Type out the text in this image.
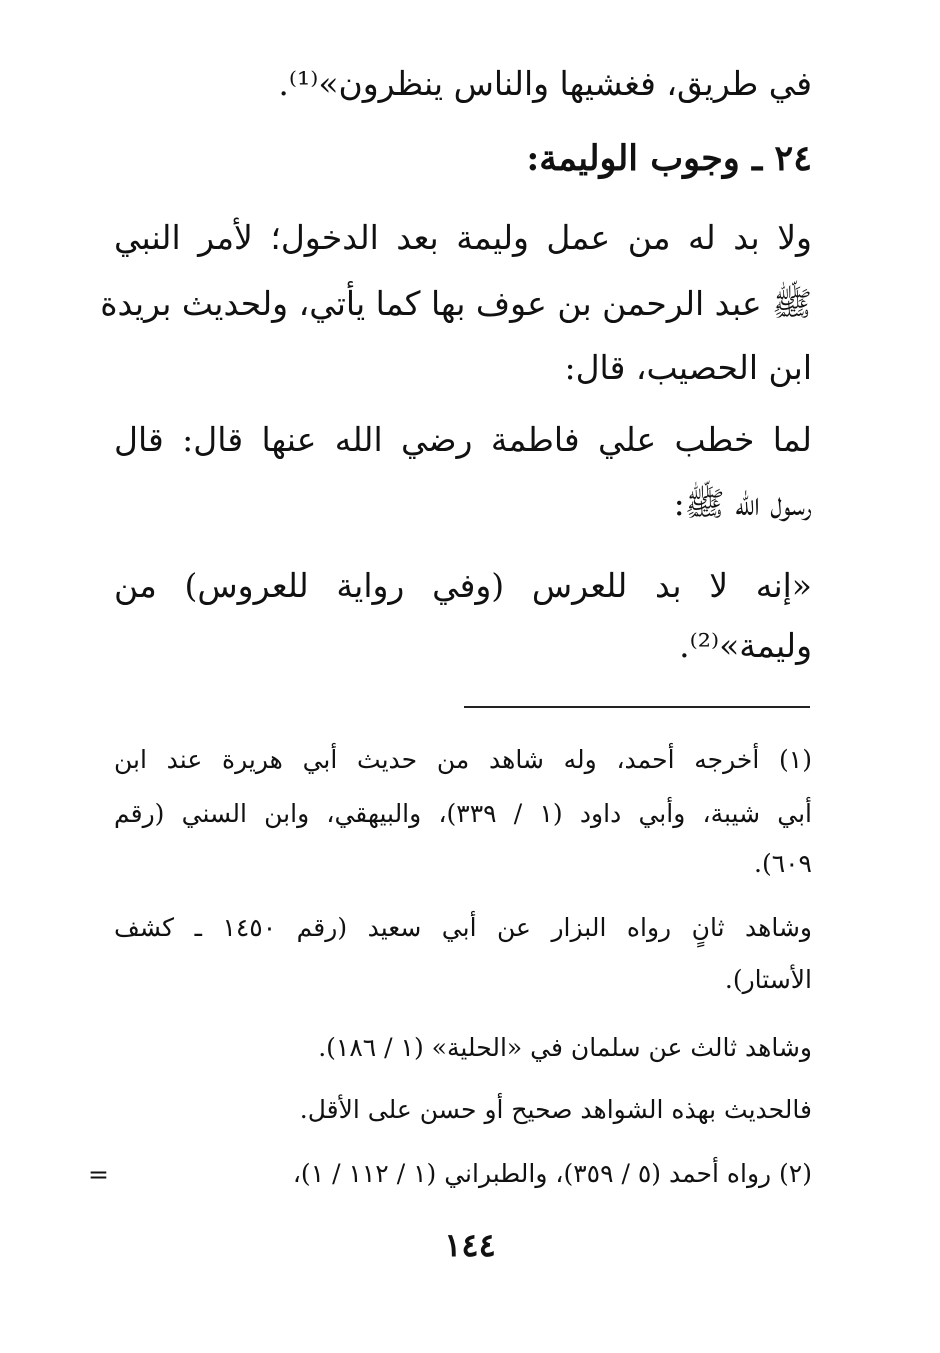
في طريق، فغشيها والناس ينظرون»⁽¹⁾.
٢٤ ـ وجوب الوليمة:
ولا بد له من عمل وليمة بعد الدخول؛ لأمر النبي
ﷺ عبد الرحمن بن عوف بها كما يأتي، ولحديث بريدة
ابن الحصيب، قال:
لما خطب علي فاطمة رضي الله عنها قال: قال
رسول الله ﷺ:
«إنه لا بد للعرس (وفي رواية للعروس) من
وليمة»⁽²⁾.
(١) أخرجه أحمد، وله شاهد من حديث أبي هريرة عند ابن
أبي شيبة، وأبي داود (١ / ٣٣٩)، والبيهقي، وابن السني (رقم
٦٠٩).
وشاهد ثانٍ رواه البزار عن أبي سعيد (رقم ١٤٥٠ ـ كشف
الأستار).
وشاهد ثالث عن سلمان في «الحلية» (١ / ١٨٦).
فالحديث بهذه الشواهد صحيح أو حسن على الأقل.
(٢) رواه أحمد (٥ / ٣٥٩)، والطبراني (١ / ١١٢ / ١)،
=
١٤٤
